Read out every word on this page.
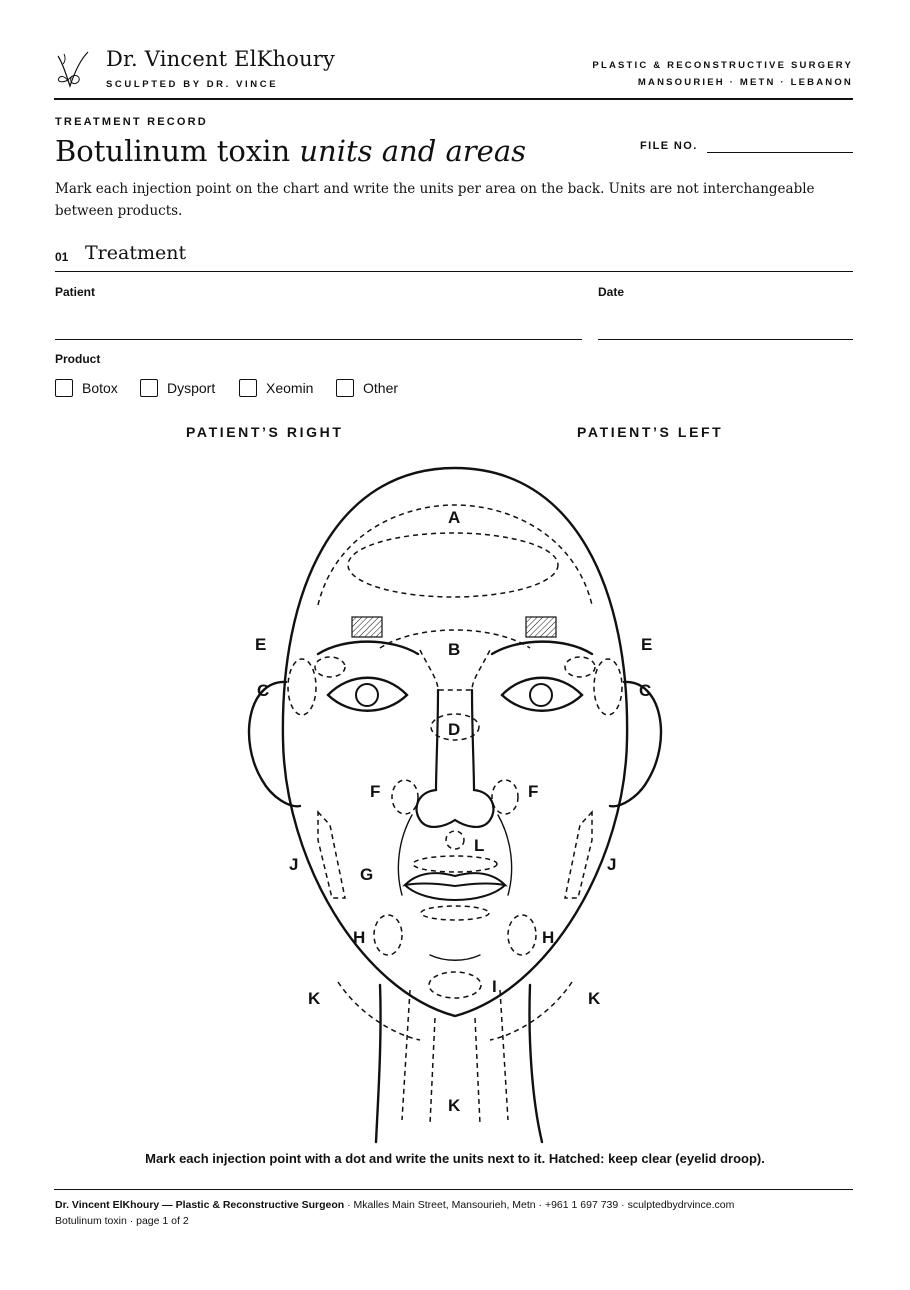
Dr. Vincent ElKhoury
SCULPTED BY DR. VINCE
PLASTIC & RECONSTRUCTIVE SURGERY
MANSOURIEH · METN · LEBANON
TREATMENT RECORD
Botulinum toxin units and areas	FILE NO.
Mark each injection point on the chart and write the units per area on the back. Units are not interchangeable between products.
01 Treatment
Patient	Date
Product
Botox	Dysport	Xeomin	Other
PATIENT’S RIGHT	PATIENT’S LEFT
A
B
E	E
C	C
D
F	F
L
J	J
G
H	H
I
K	K
K
Mark each injection point with a dot and write the units next to it. Hatched: keep clear (eyelid droop).
Dr. Vincent ElKhoury — Plastic & Reconstructive Surgeon · Mkalles Main Street, Mansourieh, Metn · +961 1 697 739 · sculptedbydrvince.com
Botulinum toxin · page 1 of 2
